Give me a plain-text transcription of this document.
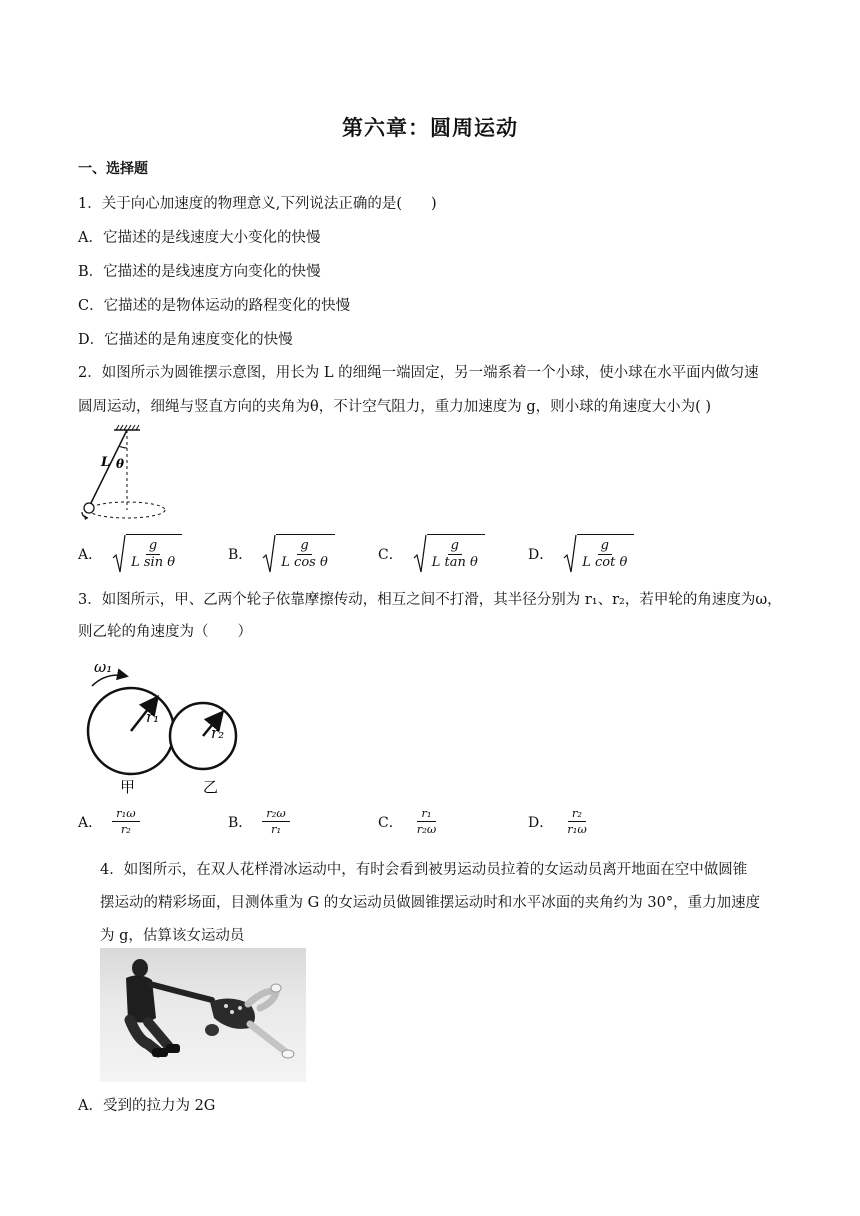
第六章：圆周运动
一、选择题
1．关于向心加速度的物理意义,下列说法正确的是(　　)
A．它描述的是线速度大小变化的快慢
B．它描述的是线速度方向变化的快慢
C．它描述的是物体运动的路程变化的快慢
D．它描述的是角速度变化的快慢
2．如图所示为圆锥摆示意图，用长为 L 的细绳一端固定，另一端系着一个小球，使小球在水平面内做匀速
圆周运动，细绳与竖直方向的夹角为θ，不计空气阻力，重力加速度为 g，则小球的角速度大小为( )
L θ
A． $\frac{g}{\text{L sin θ}}$	B． $\frac{g}{\text{L cos θ}}$	C． $\frac{g}{\text{L tan θ}}$	D． $\frac{g}{\text{L cot θ}}$
3．如图所示，甲、乙两个轮子依靠摩擦传动，相互之间不打滑，其半径分别为 r₁、r₂，若甲轮的角速度为ω，
则乙轮的角速度为（　　）
ω₁
r₁
r₂
甲	乙
A． $\frac{\text{r₁ω}}{\text{r₂}}$	B． $\frac{\text{r₂ω}}{\text{r₁}}$	C． $\frac{\text{r₁}}{\text{r₂ω}}$	D． $\frac{\text{r₂}}{\text{r₁ω}}$
4．如图所示，在双人花样滑冰运动中，有时会看到被男运动员拉着的女运动员离开地面在空中做圆锥
摆运动的精彩场面，目测体重为 G 的女运动员做圆锥摆运动时和水平冰面的夹角约为 30°，重力加速度
为 g，估算该女运动员
A．受到的拉力为 2G
